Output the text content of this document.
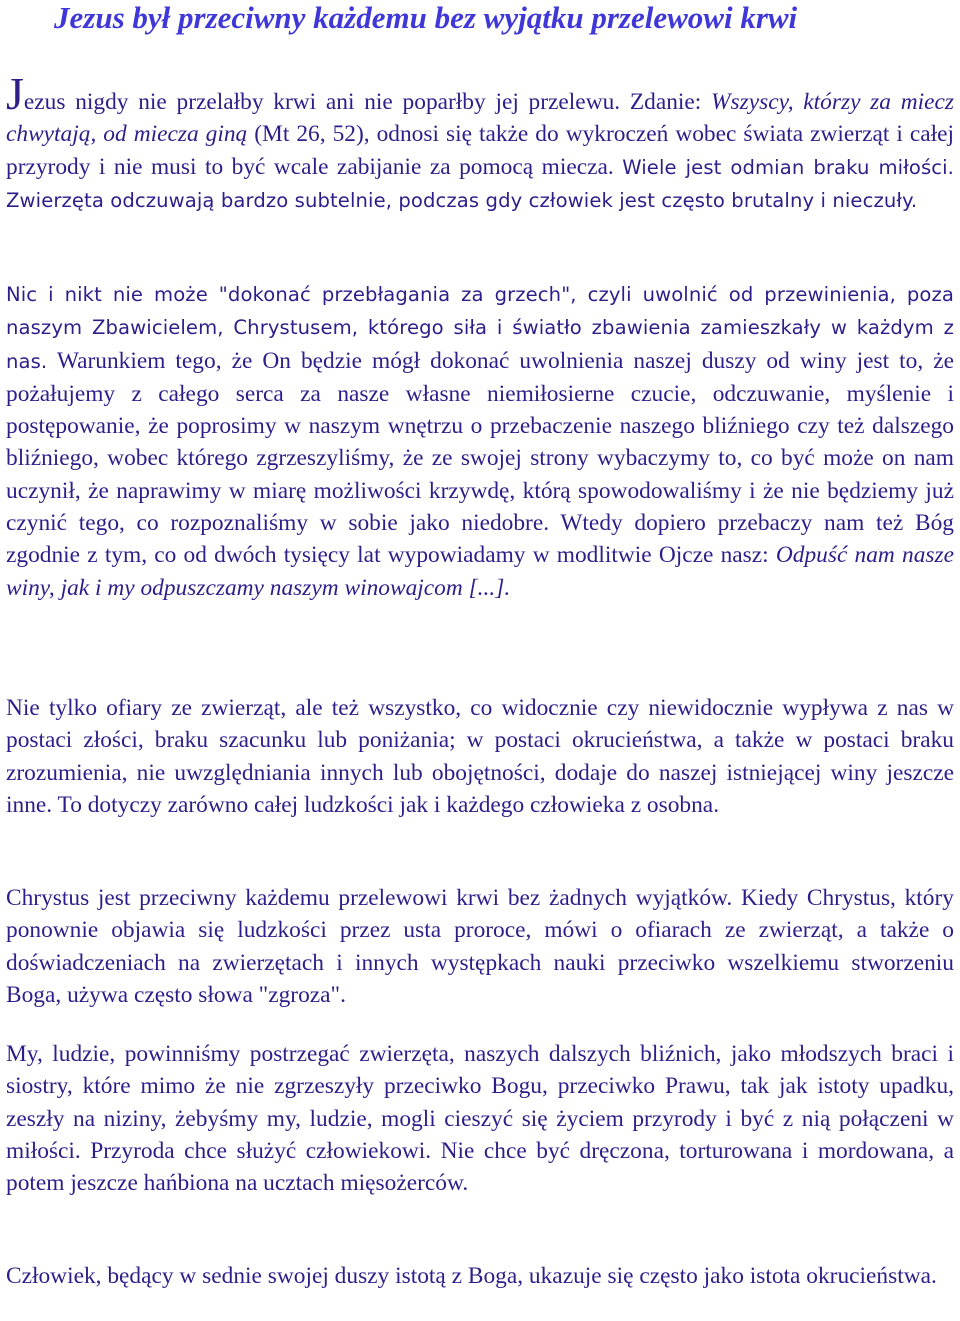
Jezus był przeciwny każdemu bez wyjątku przelewowi krwi

Jezus nigdy nie przelałby krwi ani nie poparłby jej przelewu. Zdanie: Wszyscy, którzy za miecz chwytają, od miecza giną (Mt 26, 52), odnosi się także do wykroczeń wobec świata zwierząt i całej przyrody i nie musi to być wcale zabijanie za pomocą miecza. Wiele jest odmian braku miłości. Zwierzęta odczuwają bardzo subtelnie, podczas gdy człowiek jest często brutalny i nieczuły.

Nic i nikt nie może "dokonać przebłagania za grzech", czyli uwolnić od przewinienia, poza naszym Zbawicielem, Chrystusem, którego siła i światło zbawienia zamieszkały w każdym z nas. Warunkiem tego, że On będzie mógł dokonać uwolnienia naszej duszy od winy jest to, że pożałujemy z całego serca za nasze własne niemiłosierne czucie, odczuwanie, myślenie i postępowanie, że poprosimy w naszym wnętrzu o przebaczenie naszego bliźniego czy też dalszego bliźniego, wobec którego zgrzeszyliśmy, że ze swojej strony wybaczymy to, co być może on nam uczynił, że naprawimy w miarę możliwości krzywdę, którą spowodowaliśmy i że nie będziemy już czynić tego, co rozpoznaliśmy w sobie jako niedobre. Wtedy dopiero przebaczy nam też Bóg zgodnie z tym, co od dwóch tysięcy lat wypowiadamy w modlitwie Ojcze nasz: Odpuść nam nasze winy, jak i my odpuszczamy naszym winowajcom [...].

Nie tylko ofiary ze zwierząt, ale też wszystko, co widocznie czy niewidocznie wypływa z nas w postaci złości, braku szacunku lub poniżania; w postaci okrucieństwa, a także w postaci braku zrozumienia, nie uwzględniania innych lub obojętności, dodaje do naszej istniejącej winy jeszcze inne. To dotyczy zarówno całej ludzkości jak i każdego człowieka z osobna.

Chrystus jest przeciwny każdemu przelewowi krwi bez żadnych wyjątków. Kiedy Chrystus, który ponownie objawia się ludzkości przez usta proroce, mówi o ofiarach ze zwierząt, a także o doświadczeniach na zwierzętach i innych występkach nauki przeciwko wszelkiemu stworzeniu Boga, używa często słowa "zgroza".

My, ludzie, powinniśmy postrzegać zwierzęta, naszych dalszych bliźnich, jako młodszych braci i siostry, które mimo że nie zgrzeszyły przeciwko Bogu, przeciwko Prawu, tak jak istoty upadku, zeszły na niziny, żebyśmy my, ludzie, mogli cieszyć się życiem przyrody i być z nią połączeni w miłości. Przyroda chce służyć człowiekowi. Nie chce być dręczona, torturowana i mordowana, a potem jeszcze hańbiona na ucztach mięsożerców.

Człowiek, będący w sednie swojej duszy istotą z Boga, ukazuje się często jako istota okrucieństwa.
